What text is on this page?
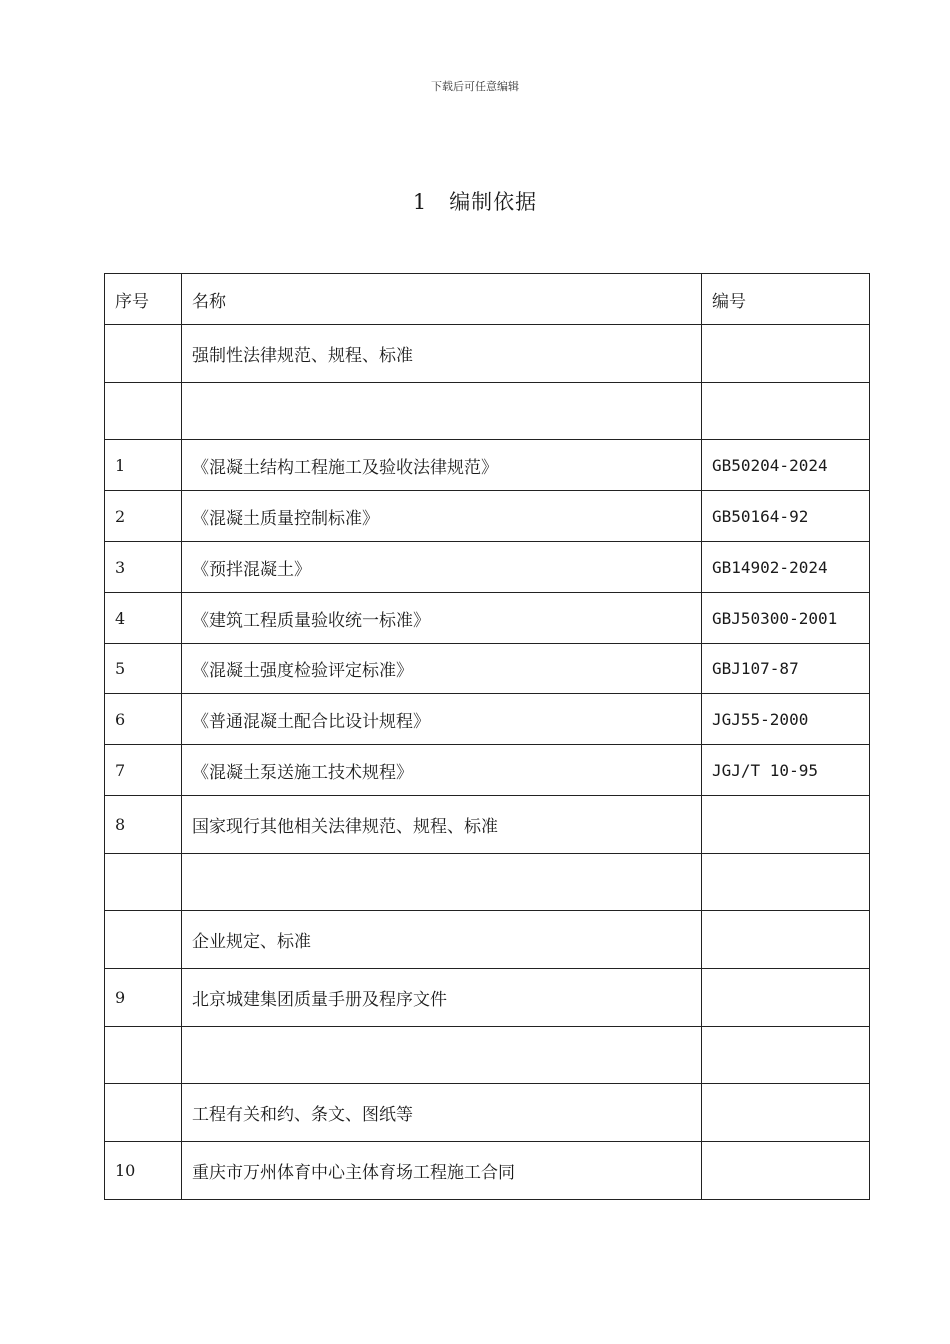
下载后可任意编辑
1 编制依据
序号	名称	编号
	强制性法律规范、规程、标准	

1	《混凝土结构工程施工及验收法律规范》	GB50204-2024
2	《混凝土质量控制标准》	GB50164-92
3	《预拌混凝土》	GB14902-2024
4	《建筑工程质量验收统一标准》	GBJ50300-2001
5	《混凝土强度检验评定标准》	GBJ107-87
6	《普通混凝土配合比设计规程》	JGJ55-2000
7	《混凝土泵送施工技术规程》	JGJ/T 10-95
8	国家现行其他相关法律规范、规程、标准	

	企业规定、标准	
9	北京城建集团质量手册及程序文件	

	工程有关和约、条文、图纸等	
10	重庆市万州体育中心主体育场工程施工合同	
